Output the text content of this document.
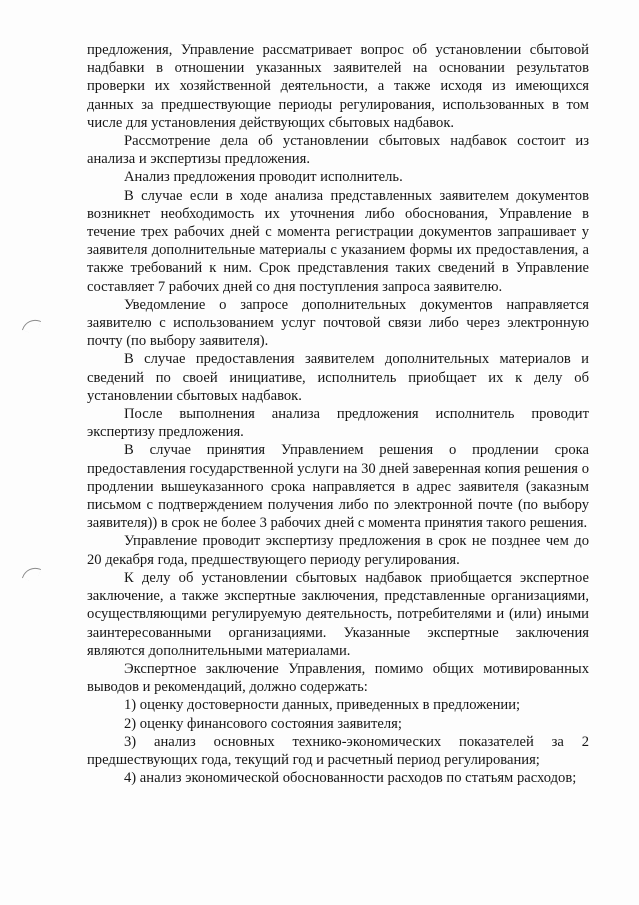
предложения, Управление рассматривает вопрос об установлении сбытовой надбавки в отношении указанных заявителей на основании результатов проверки их хозяйственной деятельности, а также исходя из имеющихся данных за предшествующие периоды регулирования, использованных в том числе для установления действующих сбытовых надбавок.

Рассмотрение дела об установлении сбытовых надбавок состоит из анализа и экспертизы предложения.

Анализ предложения проводит исполнитель.

В случае если в ходе анализа представленных заявителем документов возникнет необходимость их уточнения либо обоснования, Управление в течение трех рабочих дней с момента регистрации документов запрашивает у заявителя дополнительные материалы с указанием формы их предоставления, а также требований к ним. Срок представления таких сведений в Управление составляет 7 рабочих дней со дня поступления запроса заявителю.

Уведомление о запросе дополнительных документов направляется заявителю с использованием услуг почтовой связи либо через электронную почту (по выбору заявителя).

В случае предоставления заявителем дополнительных материалов и сведений по своей инициативе, исполнитель приобщает их к делу об установлении сбытовых надбавок.

После выполнения анализа предложения исполнитель проводит экспертизу предложения.

В случае принятия Управлением решения о продлении срока предоставления государственной услуги на 30 дней заверенная копия решения о продлении вышеуказанного срока направляется в адрес заявителя (заказным письмом с подтверждением получения либо по электронной почте (по выбору заявителя)) в срок не более 3 рабочих дней с момента принятия такого решения.

Управление проводит экспертизу предложения в срок не позднее чем до 20 декабря года, предшествующего периоду регулирования.

К делу об установлении сбытовых надбавок приобщается экспертное заключение, а также экспертные заключения, представленные организациями, осуществляющими регулируемую деятельность, потребителями и (или) иными заинтересованными организациями. Указанные экспертные заключения являются дополнительными материалами.

Экспертное заключение Управления, помимо общих мотивированных выводов и рекомендаций, должно содержать:

1) оценку достоверности данных, приведенных в предложении;

2) оценку финансового состояния заявителя;

3) анализ основных технико-экономических показателей за 2 предшествующих года, текущий год и расчетный период регулирования;

4) анализ экономической обоснованности расходов по статьям расходов;
